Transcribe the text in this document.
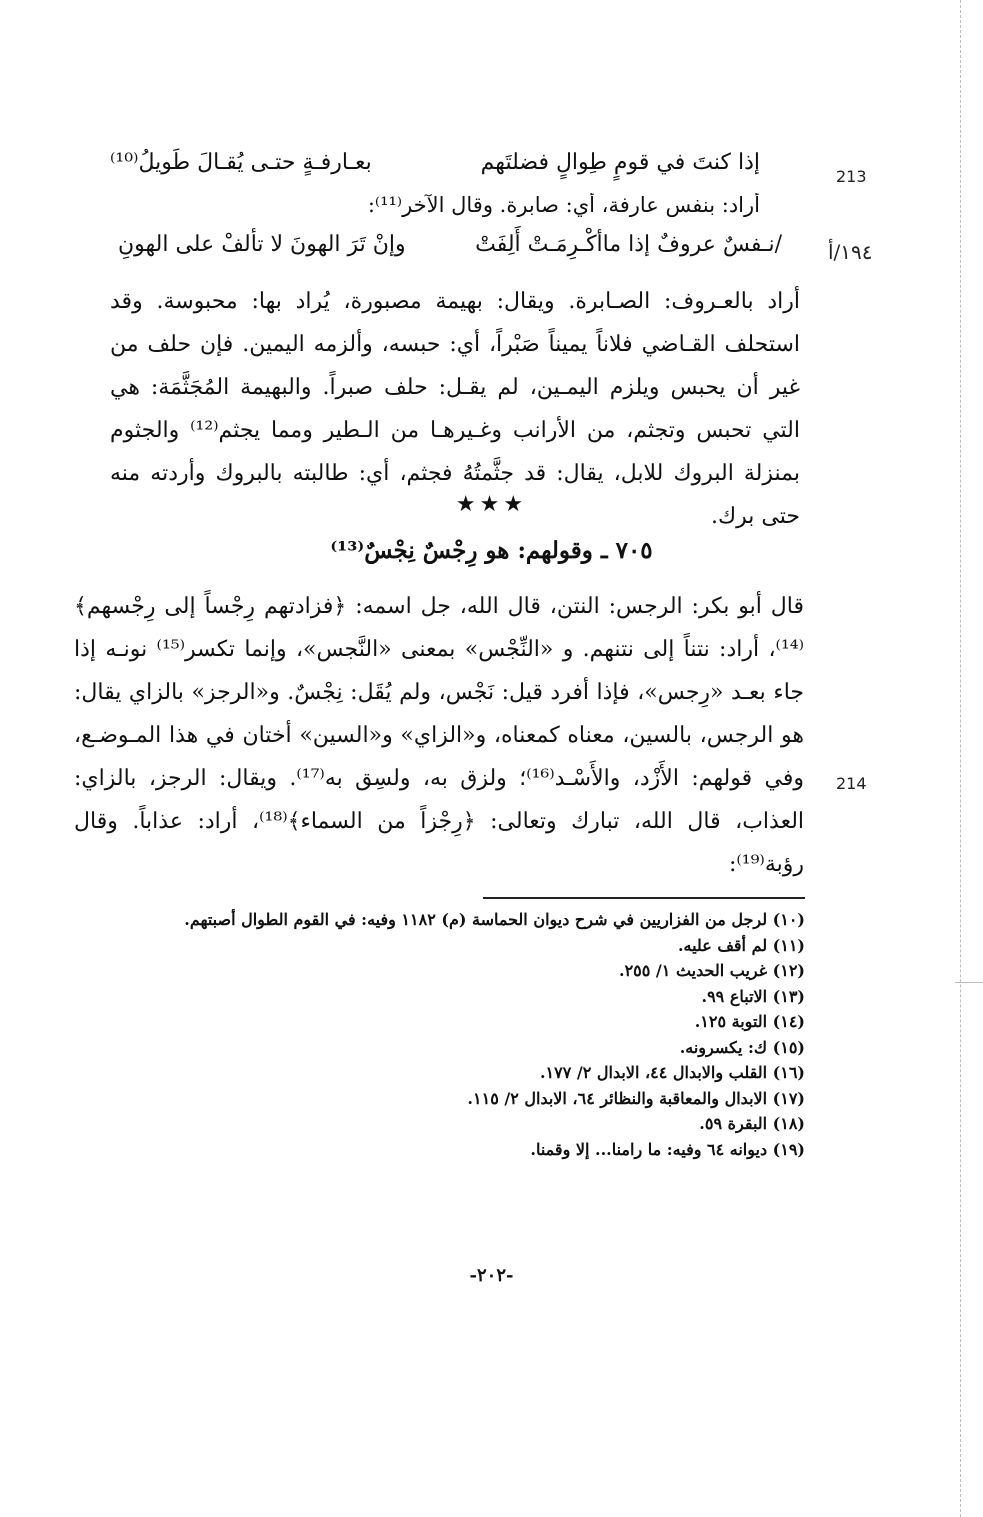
213
١٩٤/أ
214
إذا كنتَ في قومٍ طِوالٍ فضلتَهم
بعـارفـةٍ حتـى يُقـالَ طَويلُ⁽¹⁰⁾
أراد: بنفس عارفة، أي: صابرة. وقال الآخر⁽¹¹⁾:
/نـفسٌ عروفٌ إذا ماأكْـرِمَـتْ أَلِفَتْ
وإنْ تَرَ الهونَ لا تألفْ على الهونِ
أراد بالعـروف: الصـابرة. ويقال: بهيمة مصبورة، يُراد بها: محبوسة. وقد استحلف القـاضي فلاناً يميناً صَبْراً، أي: حبسه، وألزمه اليمين. فإن حلف من غير أن يحبس ويلزم اليمـين، لم يقـل: حلف صبراً. والبهيمة المُجَثَّمَة: هي التي تحبس وتجثم، من الأرانب وغـيرهـا من الـطير ومما يجثم⁽¹²⁾ والجثوم بمنزلة البروك للابل، يقال: قد جثَّمتُهُ فجثم، أي: طالبته بالبروك وأردته منه حتى برك.
★★★
٧٠٥ ـ وقولهم: هو رِجْسٌ نِجْسٌ⁽¹³⁾
قال أبو بكر: الرجس: النتن، قال الله، جل اسمه: ﴿فزادتهم رِجْساً إلى رِجْسهم﴾⁽¹⁴⁾، أراد: نتناً إلى نتنهم. و «النِّجْس» بمعنى «النَّجس»، وإنما تكسر⁽¹⁵⁾ نونـه إذا جاء بعـد «رِجس»، فإذا أفرد قيل: نَجْس، ولم يُقَل: نِجْسٌ. و«الرجز» بالزاي يقال: هو الرجس، بالسين، معناه كمعناه، و«الزاي» و«السين» أختان في هذا المـوضـع، وفي قولهم: الأَزْد، والأَسْـد⁽¹⁶⁾؛ ولزق به، ولسِق به⁽¹⁷⁾. ويقال: الرجز، بالزاي: العذاب، قال الله، تبارك وتعالى: ﴿رِجْزاً من السماء﴾⁽¹⁸⁾، أراد: عذاباً. وقال رؤبة⁽¹⁹⁾:
(١٠) لرجل من الفزاريين في شرح ديوان الحماسة (م) ١١٨٢ وفيه: في القوم الطوال أصبتهم.
(١١) لم أقف عليه.
(١٢) غريب الحديث ١/ ٢٥٥.
(١٣) الاتباع ٩٩.
(١٤) التوبة ١٢٥.
(١٥) ك: يكسرونه.
(١٦) القلب والابدال ٤٤، الابدال ٢/ ١٧٧.
(١٧) الابدال والمعاقبة والنظائر ٦٤، الابدال ٢/ ١١٥.
(١٨) البقرة ٥٩.
(١٩) ديوانه ٦٤ وفيه: ما رامنا... إلا وقمنا.
-٢٠٢-
